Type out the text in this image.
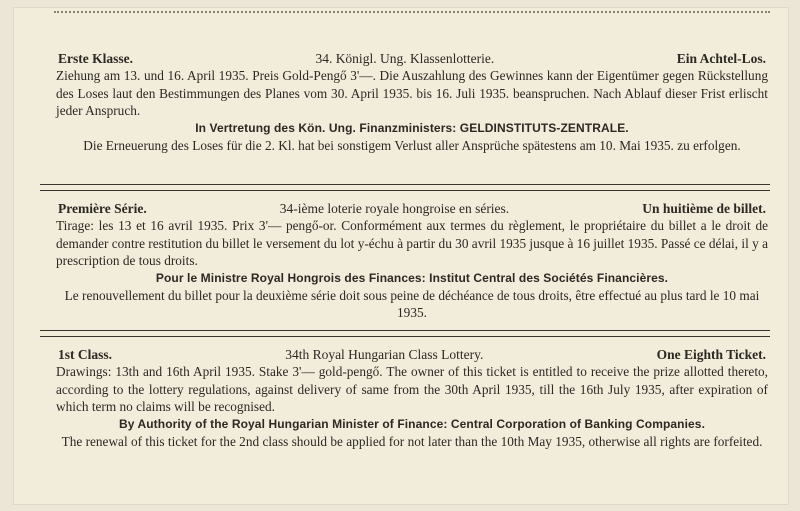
Erste Klasse.	34. Königl. Ung. Klassenlotterie.	Ein Achtel-Los.
Ziehung am 13. und 16. April 1935. Preis Gold-Pengő 3'—. Die Auszahlung des Gewinnes kann der Eigentümer gegen Rückstellung des Loses laut den Bestimmungen des Planes vom 30. April 1935. bis 16. Juli 1935. beanspruchen. Nach Ablauf dieser Frist erlischt jeder Anspruch.
In Vertretung des Kön. Ung. Finanzministers: GELDINSTITUTS-ZENTRALE.
Die Erneuerung des Loses für die 2. Kl. hat bei sonstigem Verlust aller Ansprüche spätestens am 10. Mai 1935. zu erfolgen.
Première Série.	34-ième loterie royale hongroise en séries.	Un huitième de billet.
Tirage: les 13 et 16 avril 1935. Prix 3'— pengő-or. Conformément aux termes du règlement, le propriétaire du billet a le droit de demander contre restitution du billet le versement du lot y-échu à partir du 30 avril 1935 jusque à 16 juillet 1935. Passé ce délai, il y a prescription de tous droits.
Pour le Ministre Royal Hongrois des Finances: Institut Central des Sociétés Financières.
Le renouvellement du billet pour la deuxième série doit sous peine de déchéance de tous droits, être effectué au plus tard le 10 mai 1935.
1st Class.	34th Royal Hungarian Class Lottery.	One Eighth Ticket.
Drawings: 13th and 16th April 1935. Stake 3'— gold-pengő. The owner of this ticket is entitled to receive the prize allotted thereto, according to the lottery regulations, against delivery of same from the 30th April 1935, till the 16th July 1935, after expiration of which term no claims will be recognised.
By Authority of the Royal Hungarian Minister of Finance: Central Corporation of Banking Companies.
The renewal of this ticket for the 2nd class should be applied for not later than the 10th May 1935, otherwise all rights are forfeited.
